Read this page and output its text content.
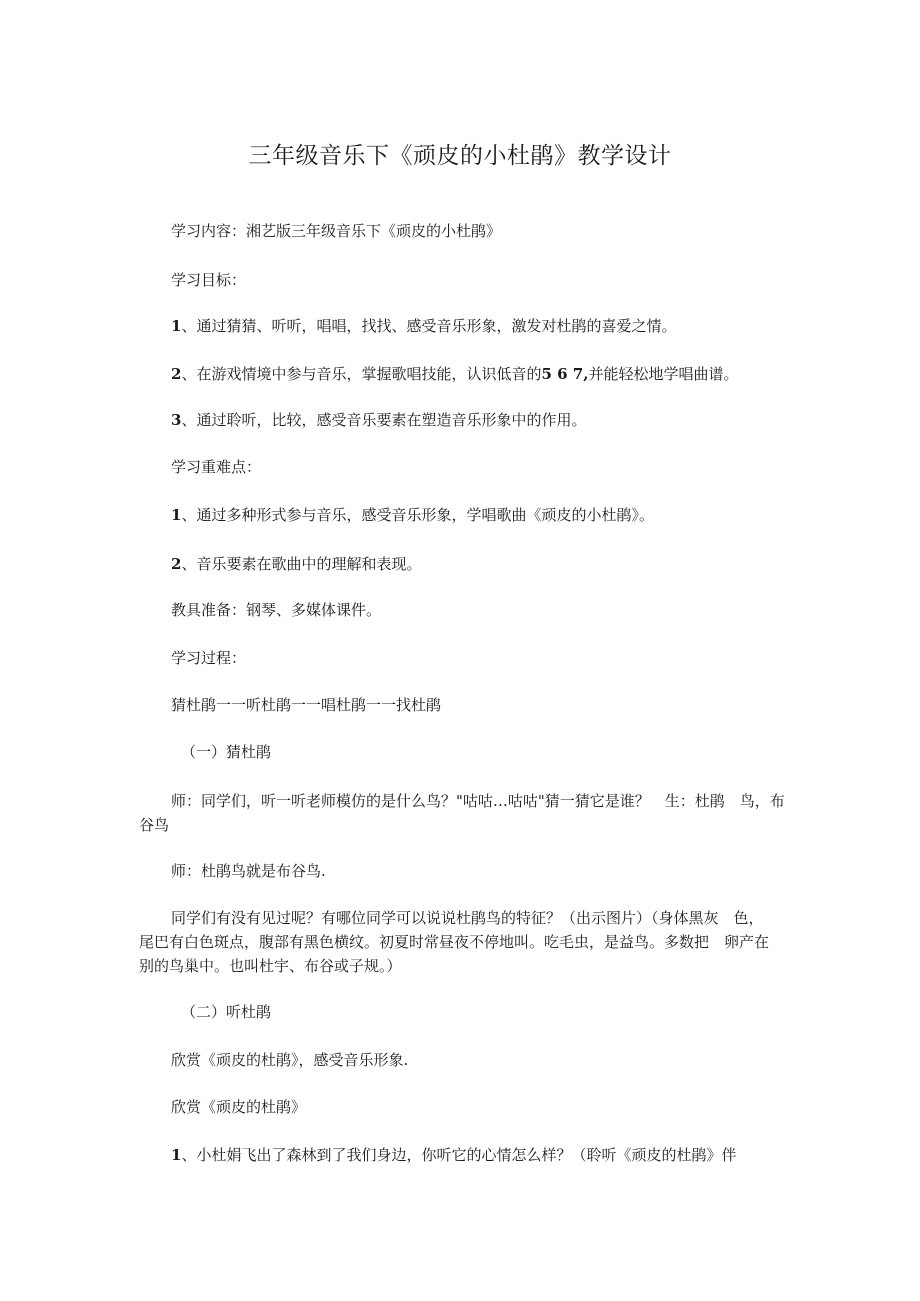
三年级音乐下《顽皮的小杜鹃》教学设计

学习内容：湘艺版三年级音乐下《顽皮的小杜鹃》

学习目标：

1、通过猜猜、听听，唱唱，找找、感受音乐形象，激发对杜鹃的喜爱之情。

2、在游戏情境中参与音乐，掌握歌唱技能，认识低音的5 6 7,并能轻松地学唱曲谱。

3、通过聆听，比较，感受音乐要素在塑造音乐形象中的作用。

学习重难点：

1、通过多种形式参与音乐，感受音乐形象，学唱歌曲《顽皮的小杜鹃》。

2、音乐要素在歌曲中的理解和表现。

教具准备：钢琴、多媒体课件。

学习过程：

猜杜鹃一一听杜鹃一一唱杜鹃一一找杜鹃

（一）猜杜鹃

师：同学们，听一听老师模仿的是什么鸟？"咕咕…咕咕"猜一猜它是谁？　生：杜鹃　鸟，布

谷鸟

师：杜鹃鸟就是布谷鸟.

同学们有没有见过呢？有哪位同学可以说说杜鹃鸟的特征？（出示图片）（身体黑灰　色，

尾巴有白色斑点，腹部有黑色横纹。初夏时常昼夜不停地叫。吃毛虫，是益鸟。多数把　卵产在

别的鸟巢中。也叫杜宇、布谷或子规。）

（二）听杜鹃

欣赏《顽皮的杜鹃》，感受音乐形象.

欣赏《顽皮的杜鹃》

1、小杜娟飞出了森林到了我们身边，你听它的心情怎么样？（聆听《顽皮的杜鹃》伴
